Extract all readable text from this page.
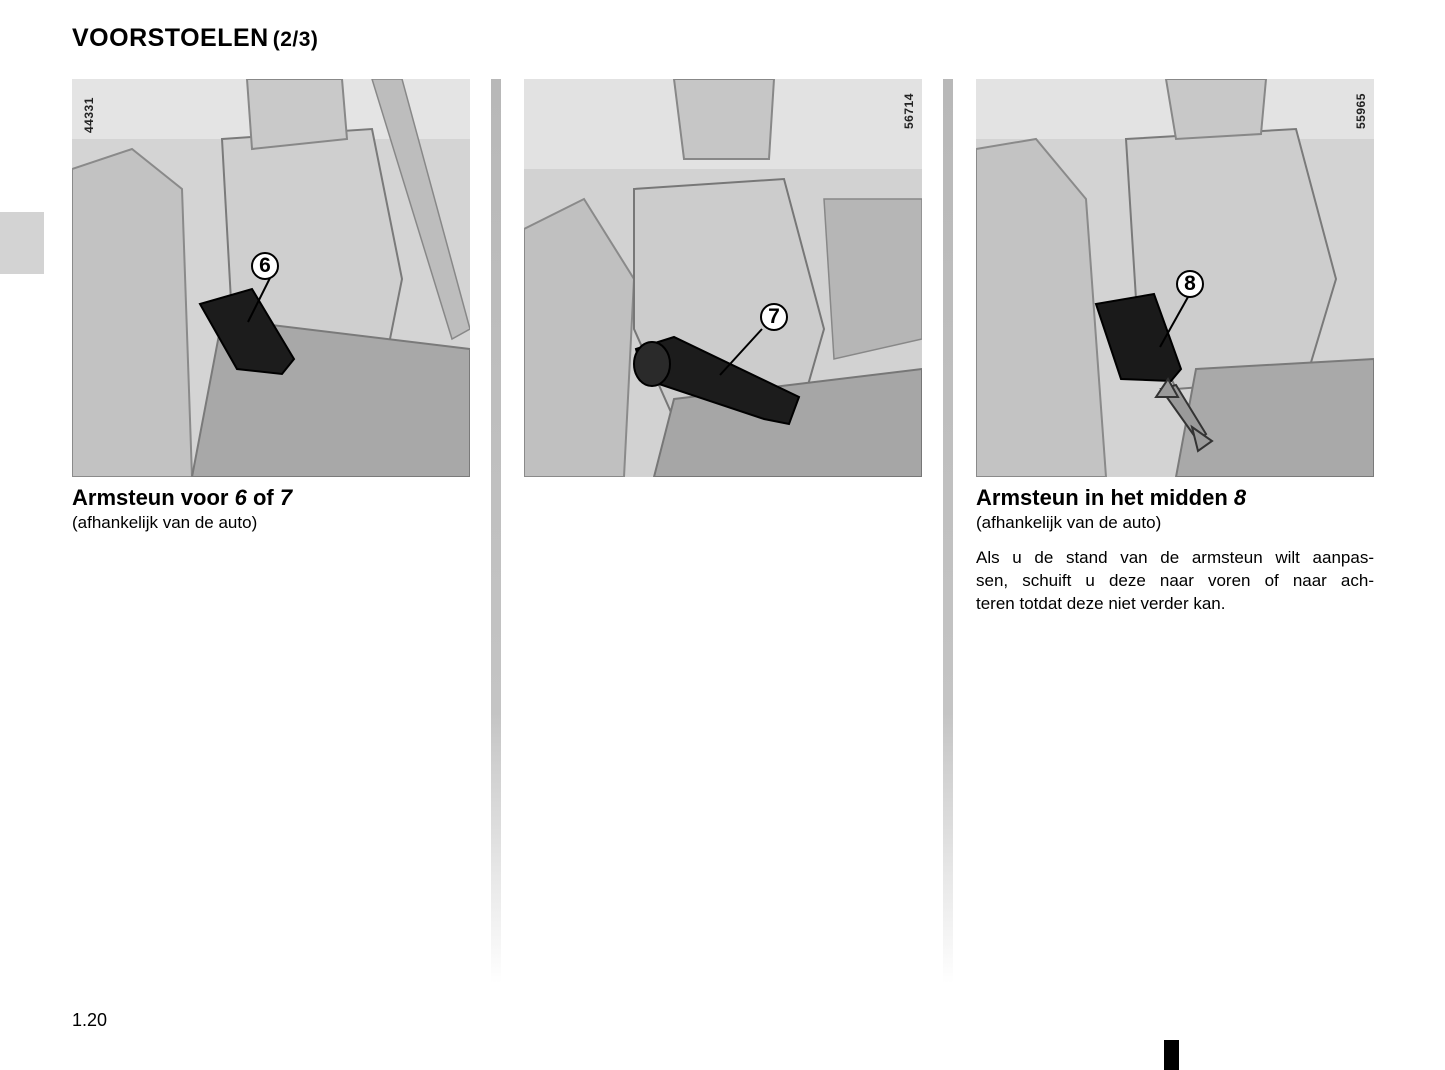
VOORSTOELEN (2/3)
6
44331
7
56714
8
55965
Armsteun voor 6 of 7
(afhankelijk van de auto)
Armsteun in het midden 8
(afhankelijk van de auto)
Als u de stand van de armsteun wilt aanpas-
sen, schuift u deze naar voren of naar ach-
teren totdat deze niet verder kan.
1.20
